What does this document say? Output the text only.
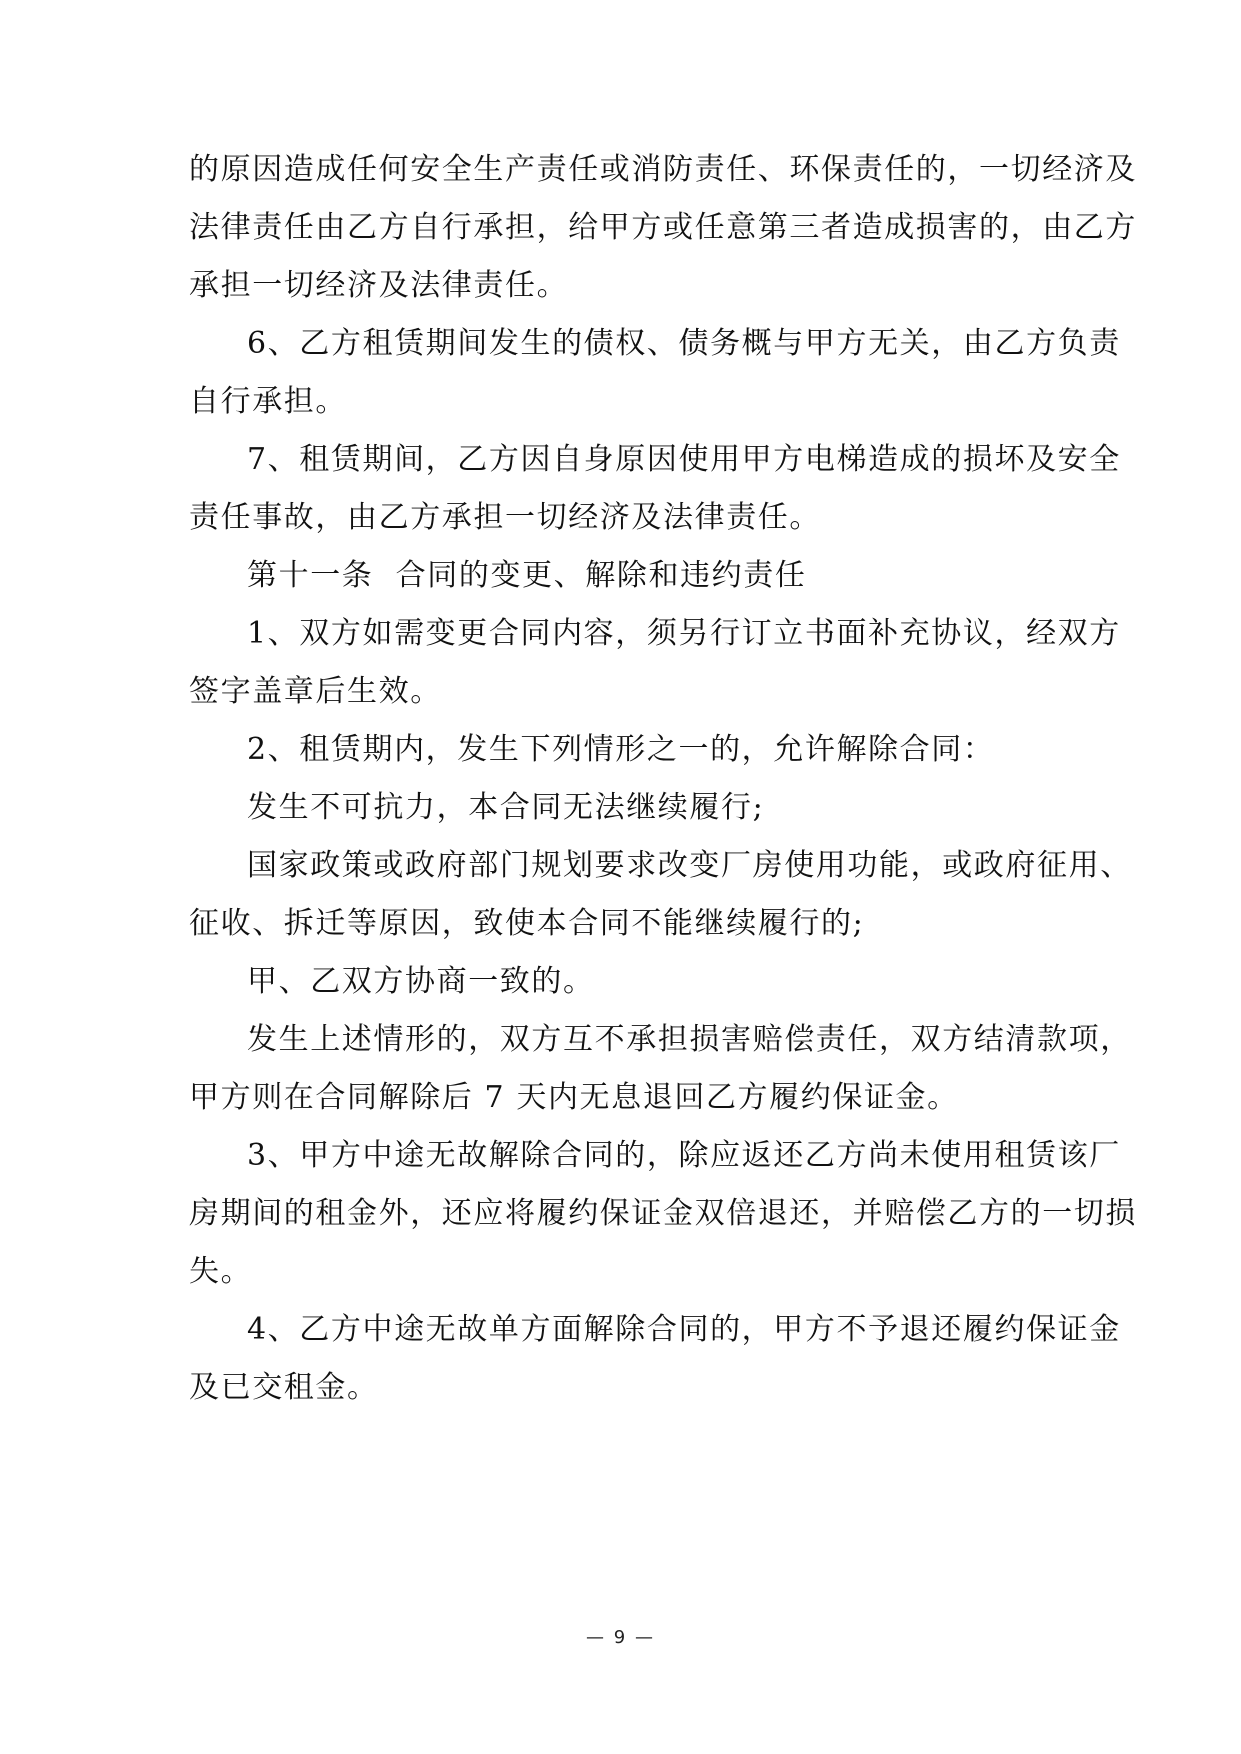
的原因造成任何安全生产责任或消防责任、环保责任的，一切经济及
法律责任由乙方自行承担，给甲方或任意第三者造成损害的，由乙方
承担一切经济及法律责任。
6、乙方租赁期间发生的债权、债务概与甲方无关，由乙方负责
自行承担。
7、租赁期间，乙方因自身原因使用甲方电梯造成的损坏及安全
责任事故，由乙方承担一切经济及法律责任。
第十一条  合同的变更、解除和违约责任
1、双方如需变更合同内容，须另行订立书面补充协议，经双方
签字盖章后生效。
2、租赁期内，发生下列情形之一的，允许解除合同：
发生不可抗力，本合同无法继续履行;
国家政策或政府部门规划要求改变厂房使用功能，或政府征用、
征收、拆迁等原因，致使本合同不能继续履行的;
甲、乙双方协商一致的。
发生上述情形的，双方互不承担损害赔偿责任，双方结清款项，
甲方则在合同解除后 7 天内无息退回乙方履约保证金。
3、甲方中途无故解除合同的，除应返还乙方尚未使用租赁该厂
房期间的租金外，还应将履约保证金双倍退还，并赔偿乙方的一切损
失。
4、乙方中途无故单方面解除合同的，甲方不予退还履约保证金
及已交租金。
— 9 —
